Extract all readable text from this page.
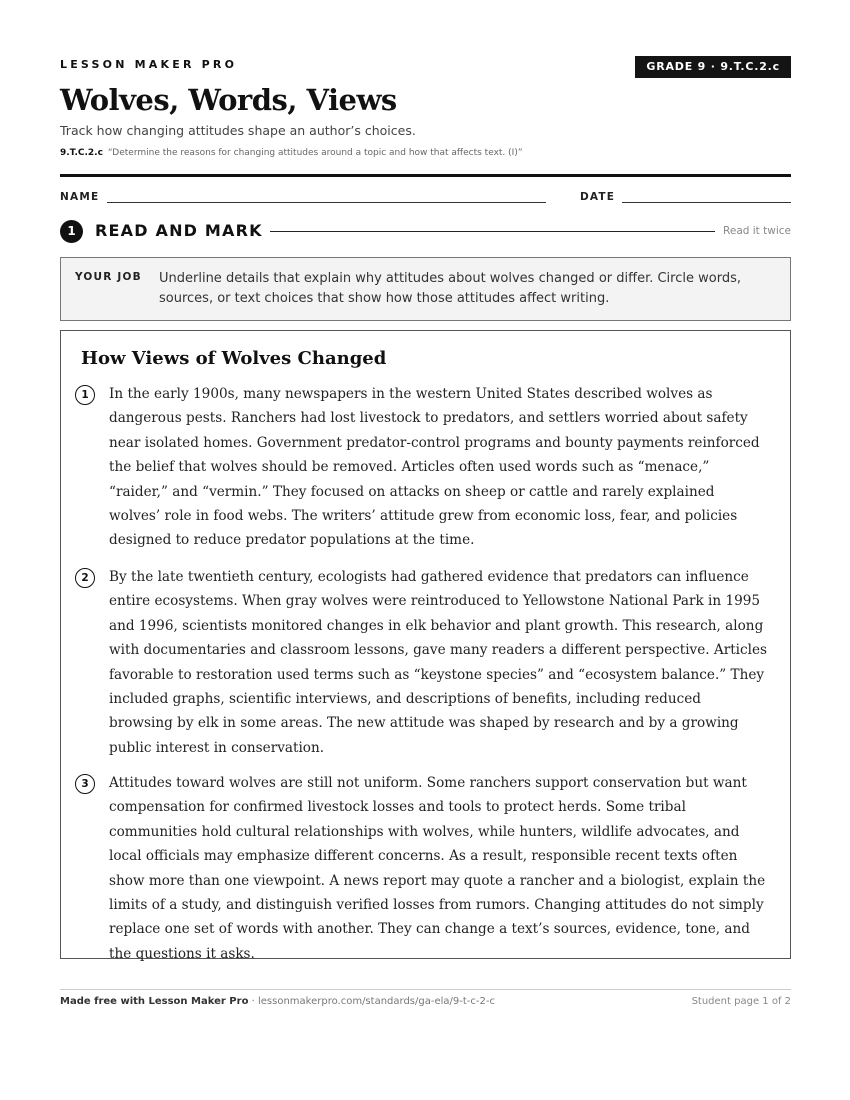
LESSON MAKER PRO	GRADE 9 · 9.T.C.2.c
Wolves, Words, Views
Track how changing attitudes shape an author’s choices.
9.T.C.2.c “Determine the reasons for changing attitudes around a topic and how that affects text. (I)”
NAME	DATE
1	READ AND MARK	Read it twice
YOUR JOB Underline details that explain why attitudes about wolves changed or differ. Circle words, sources, or text choices that show how those attitudes affect writing.
How Views of Wolves Changed
1	In the early 1900s, many newspapers in the western United States described wolves as dangerous pests. Ranchers had lost livestock to predators, and settlers worried about safety near isolated homes. Government predator-control programs and bounty payments reinforced the belief that wolves should be removed. Articles often used words such as “menace,” “raider,” and “vermin.” They focused on attacks on sheep or cattle and rarely explained wolves’ role in food webs. The writers’ attitude grew from economic loss, fear, and policies designed to reduce predator populations at the time.

2	By the late twentieth century, ecologists had gathered evidence that predators can influence entire ecosystems. When gray wolves were reintroduced to Yellowstone National Park in 1995 and 1996, scientists monitored changes in elk behavior and plant growth. This research, along with documentaries and classroom lessons, gave many readers a different perspective. Articles favorable to restoration used terms such as “keystone species” and “ecosystem balance.” They included graphs, scientific interviews, and descriptions of benefits, including reduced browsing by elk in some areas. The new attitude was shaped by research and by a growing public interest in conservation.

3	Attitudes toward wolves are still not uniform. Some ranchers support conservation but want compensation for confirmed livestock losses and tools to protect herds. Some tribal communities hold cultural relationships with wolves, while hunters, wildlife advocates, and local officials may emphasize different concerns. As a result, responsible recent texts often show more than one viewpoint. A news report may quote a rancher and a biologist, explain the limits of a study, and distinguish verified losses from rumors. Changing attitudes do not simply replace one set of words with another. They can change a text’s sources, evidence, tone, and the questions it asks.

Made free with Lesson Maker Pro · lessonmakerpro.com/standards/ga-ela/9-t-c-2-c	Student page 1 of 2
